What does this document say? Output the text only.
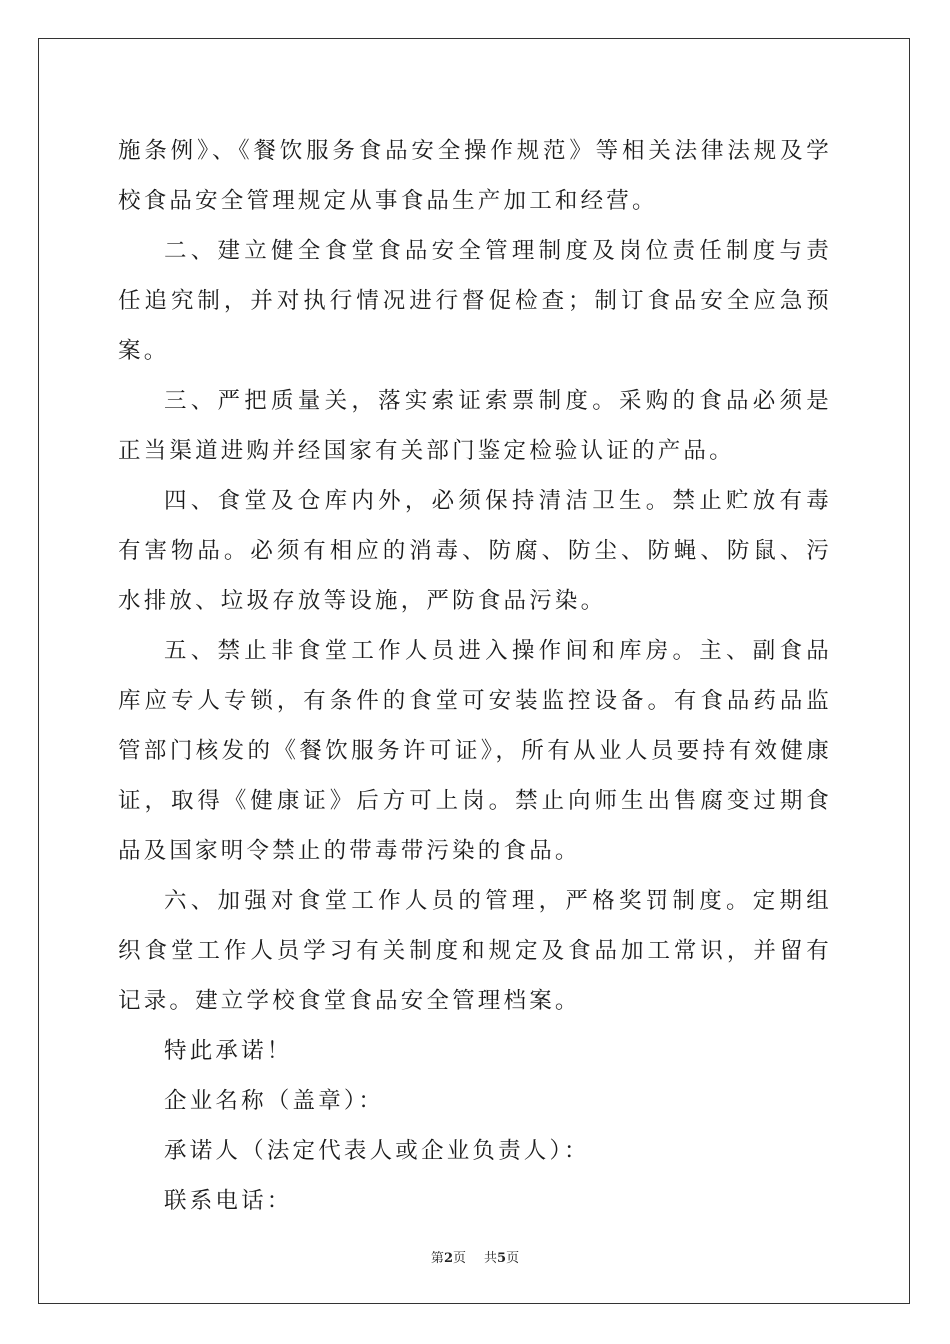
施条例》、《餐饮服务食品安全操作规范》等相关法律法规及学校食品安全管理规定从事食品生产加工和经营。

二、建立健全食堂食品安全管理制度及岗位责任制度与责任追究制，并对执行情况进行督促检查；制订食品安全应急预案。

三、严把质量关，落实索证索票制度。采购的食品必须是正当渠道进购并经国家有关部门鉴定检验认证的产品。

四、食堂及仓库内外，必须保持清洁卫生。禁止贮放有毒有害物品。必须有相应的消毒、防腐、防尘、防蝇、防鼠、污水排放、垃圾存放等设施，严防食品污染。

五、禁止非食堂工作人员进入操作间和库房。主、副食品库应专人专锁，有条件的食堂可安装监控设备。有食品药品监管部门核发的《餐饮服务许可证》，所有从业人员要持有效健康证，取得《健康证》后方可上岗。禁止向师生出售腐变过期食品及国家明令禁止的带毒带污染的食品。

六、加强对食堂工作人员的管理，严格奖罚制度。定期组织食堂工作人员学习有关制度和规定及食品加工常识，并留有记录。建立学校食堂食品安全管理档案。

特此承诺！

企业名称（盖章）：

承诺人（法定代表人或企业负责人）：

联系电话：

第2页 共5页
